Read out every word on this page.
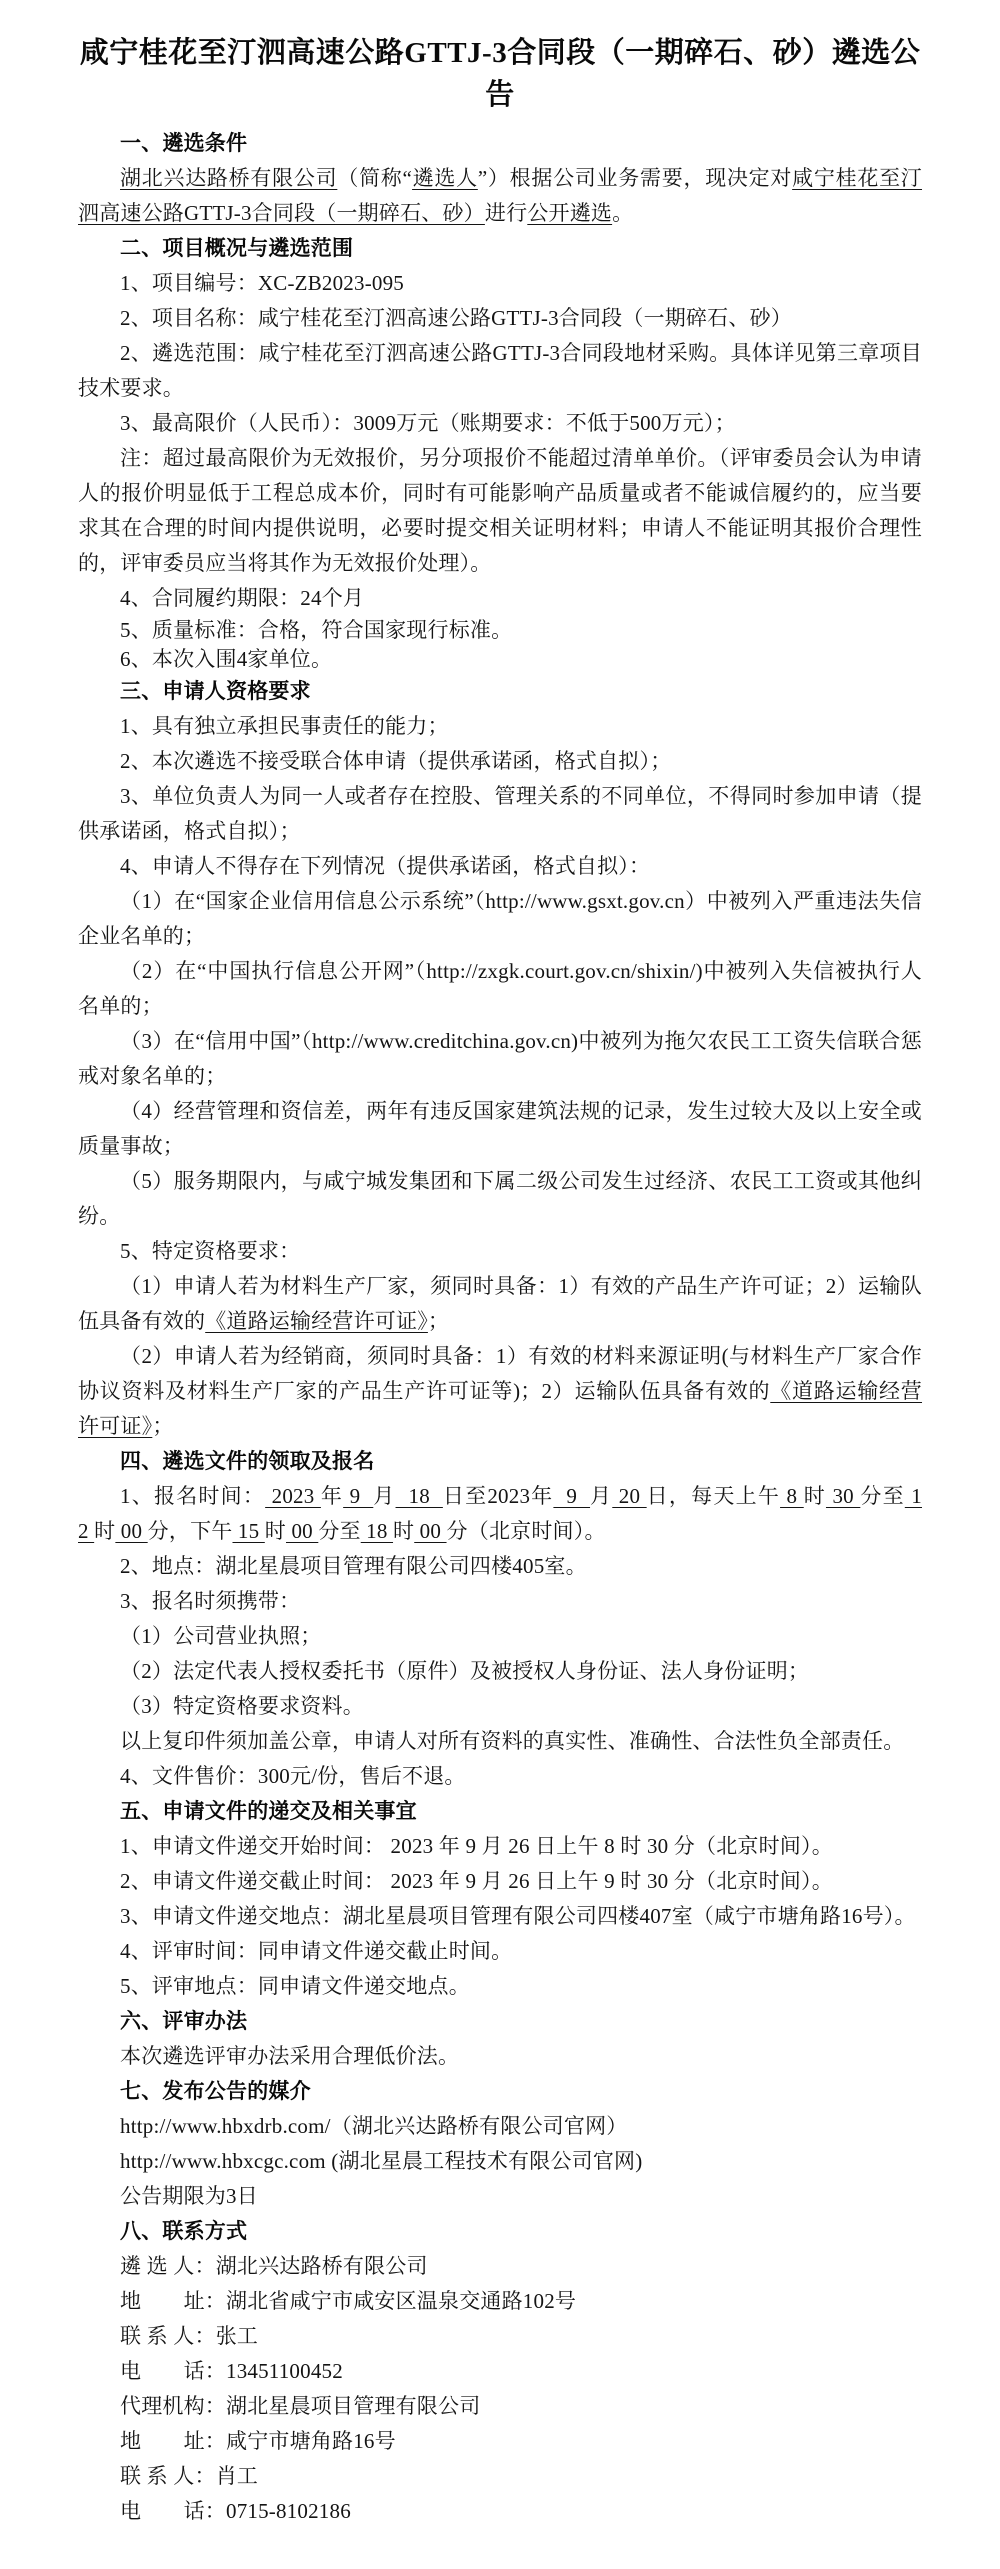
咸宁桂花至汀泗高速公路GTTJ-3合同段（一期碎石、砂）遴选公告
一、遴选条件
湖北兴达路桥有限公司（简称“遴选人”）根据公司业务需要，现决定对咸宁桂花至汀泗高速公路GTTJ-3合同段（一期碎石、砂）进行公开遴选。
二、项目概况与遴选范围
1、项目编号：XC-ZB2023-095
2、项目名称：咸宁桂花至汀泗高速公路GTTJ-3合同段（一期碎石、砂）
2、遴选范围：咸宁桂花至汀泗高速公路GTTJ-3合同段地材采购。具体详见第三章项目技术要求。
3、最高限价（人民币）：3009万元（账期要求：不低于500万元）；
注：超过最高限价为无效报价，另分项报价不能超过清单单价。（评审委员会认为申请人的报价明显低于工程总成本价，同时有可能影响产品质量或者不能诚信履约的，应当要求其在合理的时间内提供说明，必要时提交相关证明材料；申请人不能证明其报价合理性的，评审委员应当将其作为无效报价处理）。
4、合同履约期限：24个月
5、质量标准：合格，符合国家现行标准。
6、本次入围4家单位。
三、申请人资格要求
1、具有独立承担民事责任的能力；
2、本次遴选不接受联合体申请（提供承诺函，格式自拟）；
3、单位负责人为同一人或者存在控股、管理关系的不同单位，不得同时参加申请（提供承诺函，格式自拟）；
4、申请人不得存在下列情况（提供承诺函，格式自拟）：
（1）在“国家企业信用信息公示系统”（http://www.gsxt.gov.cn）中被列入严重违法失信企业名单的；
（2）在“中国执行信息公开网”（http://zxgk.court.gov.cn/shixin/)中被列入失信被执行人名单的；
（3）在“信用中国”（http://www.creditchina.gov.cn)中被列为拖欠农民工工资失信联合惩戒对象名单的；
（4）经营管理和资信差，两年有违反国家建筑法规的记录，发生过较大及以上安全或质量事故；
（5）服务期限内，与咸宁城发集团和下属二级公司发生过经济、农民工工资或其他纠纷。
5、特定资格要求：
（1）申请人若为材料生产厂家，须同时具备：1）有效的产品生产许可证；2）运输队伍具备有效的《道路运输经营许可证》；
（2）申请人若为经销商，须同时具备：1）有效的材料来源证明(与材料生产厂家合作协议资料及材料生产厂家的产品生产许可证等)；2）运输队伍具备有效的《道路运输经营许可证》；
四、遴选文件的领取及报名
1、报名时间： 2023 年 9  月  18  日至2023年  9  月 20 日，每天上午 8 时 30 分至 12 时 00 分，下午 15 时 00 分至 18 时 00 分（北京时间）。
2、地点：湖北星晨项目管理有限公司四楼405室。
3、报名时须携带：
（1）公司营业执照；
（2）法定代表人授权委托书（原件）及被授权人身份证、法人身份证明；
（3）特定资格要求资料。
以上复印件须加盖公章，申请人对所有资料的真实性、准确性、合法性负全部责任。
4、文件售价：300元/份，售后不退。
五、申请文件的递交及相关事宜
1、申请文件递交开始时间： 2023 年 9 月 26 日上午 8 时 30 分（北京时间）。
2、申请文件递交截止时间： 2023 年 9 月 26 日上午 9 时 30 分（北京时间）。
3、申请文件递交地点：湖北星晨项目管理有限公司四楼407室（咸宁市塘角路16号）。
4、评审时间：同申请文件递交截止时间。
5、评审地点：同申请文件递交地点。
六、评审办法
本次遴选评审办法采用合理低价法。
七、发布公告的媒介
http://www.hbxdrb.com/（湖北兴达路桥有限公司官网）
http://www.hbxcgc.com (湖北星晨工程技术有限公司官网)
公告期限为3日
八、联系方式
遴 选 人：湖北兴达路桥有限公司
地　　址：湖北省咸宁市咸安区温泉交通路102号
联 系 人：张工
电　　话：13451100452
代理机构：湖北星晨项目管理有限公司
地　　址：咸宁市塘角路16号
联 系 人：肖工
电　　话：0715-8102186
